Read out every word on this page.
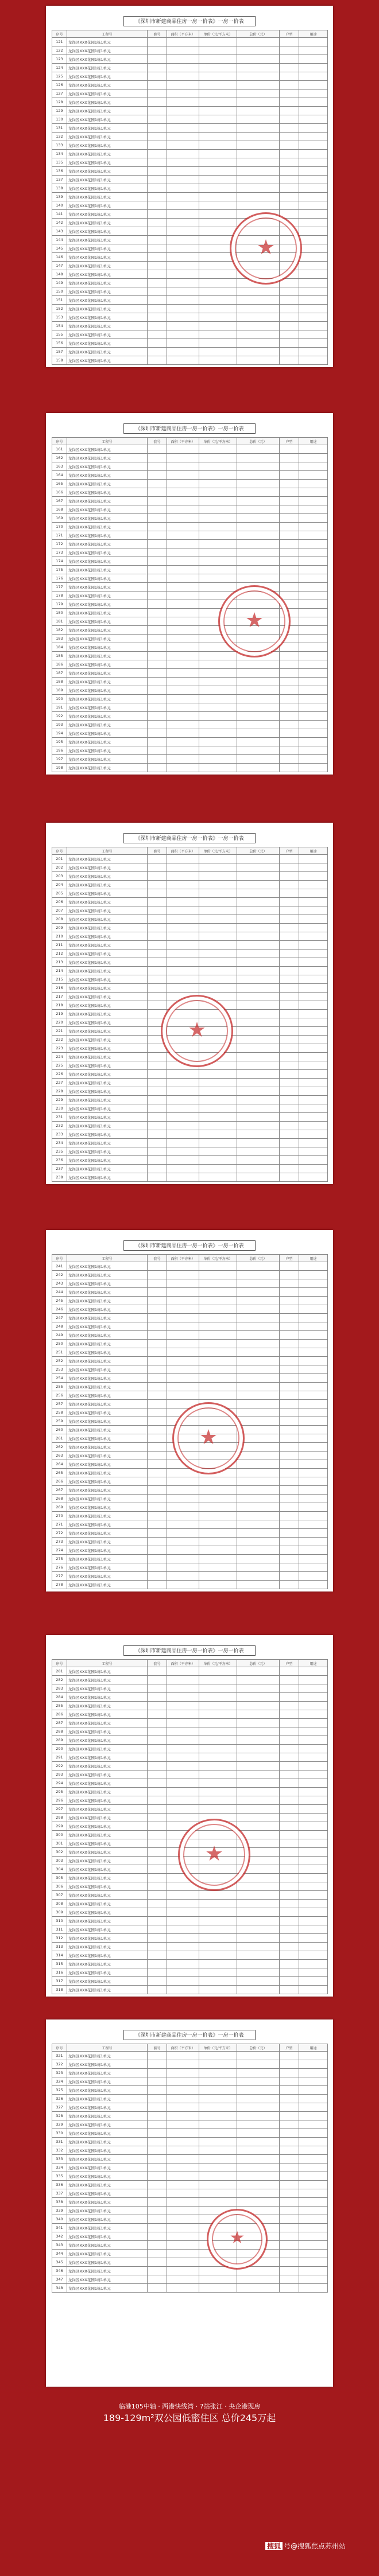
《深圳市新建商品住房一房一价表》一房一价表
序号	工程号	套号	面积（平方米）	单价（元/平方米）	总价（元）	户型	用途
121	龙岗区XXX花园1栋1单元						
122	龙岗区XXX花园1栋1单元						
123	龙岗区XXX花园1栋1单元						
124	龙岗区XXX花园1栋1单元						
125	龙岗区XXX花园1栋1单元						
126	龙岗区XXX花园1栋1单元						
127	龙岗区XXX花园1栋1单元						
128	龙岗区XXX花园1栋1单元						
129	龙岗区XXX花园1栋1单元						
130	龙岗区XXX花园1栋1单元						
131	龙岗区XXX花园1栋1单元						
132	龙岗区XXX花园1栋1单元						
133	龙岗区XXX花园1栋1单元						
134	龙岗区XXX花园1栋1单元						
135	龙岗区XXX花园1栋1单元						
136	龙岗区XXX花园1栋1单元						
137	龙岗区XXX花园1栋1单元						
138	龙岗区XXX花园1栋1单元						
139	龙岗区XXX花园1栋1单元						
140	龙岗区XXX花园1栋1单元						
141	龙岗区XXX花园1栋1单元						
142	龙岗区XXX花园1栋1单元						
143	龙岗区XXX花园1栋1单元						
144	龙岗区XXX花园1栋1单元						
145	龙岗区XXX花园1栋1单元						
146	龙岗区XXX花园1栋1单元						
147	龙岗区XXX花园1栋1单元						
148	龙岗区XXX花园1栋1单元						
149	龙岗区XXX花园1栋1单元						
150	龙岗区XXX花园1栋1单元						
151	龙岗区XXX花园1栋1单元						
152	龙岗区XXX花园1栋1单元						
153	龙岗区XXX花园1栋1单元						
154	龙岗区XXX花园1栋1单元						
155	龙岗区XXX花园1栋1单元						
156	龙岗区XXX花园1栋1单元						
157	龙岗区XXX花园1栋1单元						
158	龙岗区XXX花园1栋1单元						
★
《深圳市新建商品住房一房一价表》一房一价表
序号	工程号	套号	面积（平方米）	单价（元/平方米）	总价（元）	户型	用途
161	龙岗区XXX花园1栋1单元						
162	龙岗区XXX花园1栋1单元						
163	龙岗区XXX花园1栋1单元						
164	龙岗区XXX花园1栋1单元						
165	龙岗区XXX花园1栋1单元						
166	龙岗区XXX花园1栋1单元						
167	龙岗区XXX花园1栋1单元						
168	龙岗区XXX花园1栋1单元						
169	龙岗区XXX花园1栋1单元						
170	龙岗区XXX花园1栋1单元						
171	龙岗区XXX花园1栋1单元						
172	龙岗区XXX花园1栋1单元						
173	龙岗区XXX花园1栋1单元						
174	龙岗区XXX花园1栋1单元						
175	龙岗区XXX花园1栋1单元						
176	龙岗区XXX花园1栋1单元						
177	龙岗区XXX花园1栋1单元						
178	龙岗区XXX花园1栋1单元						
179	龙岗区XXX花园1栋1单元						
180	龙岗区XXX花园1栋1单元						
181	龙岗区XXX花园1栋1单元						
182	龙岗区XXX花园1栋1单元						
183	龙岗区XXX花园1栋1单元						
184	龙岗区XXX花园1栋1单元						
185	龙岗区XXX花园1栋1单元						
186	龙岗区XXX花园1栋1单元						
187	龙岗区XXX花园1栋1单元						
188	龙岗区XXX花园1栋1单元						
189	龙岗区XXX花园1栋1单元						
190	龙岗区XXX花园1栋1单元						
191	龙岗区XXX花园1栋1单元						
192	龙岗区XXX花园1栋1单元						
193	龙岗区XXX花园1栋1单元						
194	龙岗区XXX花园1栋1单元						
195	龙岗区XXX花园1栋1单元						
196	龙岗区XXX花园1栋1单元						
197	龙岗区XXX花园1栋1单元						
198	龙岗区XXX花园1栋1单元						
★
《深圳市新建商品住房一房一价表》一房一价表
序号	工程号	套号	面积（平方米）	单价（元/平方米）	总价（元）	户型	用途
201	龙岗区XXX花园1栋1单元						
202	龙岗区XXX花园1栋1单元						
203	龙岗区XXX花园1栋1单元						
204	龙岗区XXX花园1栋1单元						
205	龙岗区XXX花园1栋1单元						
206	龙岗区XXX花园1栋1单元						
207	龙岗区XXX花园1栋1单元						
208	龙岗区XXX花园1栋1单元						
209	龙岗区XXX花园1栋1单元						
210	龙岗区XXX花园1栋1单元						
211	龙岗区XXX花园1栋1单元						
212	龙岗区XXX花园1栋1单元						
213	龙岗区XXX花园1栋1单元						
214	龙岗区XXX花园1栋1单元						
215	龙岗区XXX花园1栋1单元						
216	龙岗区XXX花园1栋1单元						
217	龙岗区XXX花园1栋1单元						
218	龙岗区XXX花园1栋1单元						
219	龙岗区XXX花园1栋1单元						
220	龙岗区XXX花园1栋1单元						
221	龙岗区XXX花园1栋1单元						
222	龙岗区XXX花园1栋1单元						
223	龙岗区XXX花园1栋1单元						
224	龙岗区XXX花园1栋1单元						
225	龙岗区XXX花园1栋1单元						
226	龙岗区XXX花园1栋1单元						
227	龙岗区XXX花园1栋1单元						
228	龙岗区XXX花园1栋1单元						
229	龙岗区XXX花园1栋1单元						
230	龙岗区XXX花园1栋1单元						
231	龙岗区XXX花园1栋1单元						
232	龙岗区XXX花园1栋1单元						
233	龙岗区XXX花园1栋1单元						
234	龙岗区XXX花园1栋1单元						
235	龙岗区XXX花园1栋1单元						
236	龙岗区XXX花园1栋1单元						
237	龙岗区XXX花园1栋1单元						
238	龙岗区XXX花园1栋1单元						
★
《深圳市新建商品住房一房一价表》一房一价表
序号	工程号	套号	面积（平方米）	单价（元/平方米）	总价（元）	户型	用途
241	龙岗区XXX花园1栋1单元						
242	龙岗区XXX花园1栋1单元						
243	龙岗区XXX花园1栋1单元						
244	龙岗区XXX花园1栋1单元						
245	龙岗区XXX花园1栋1单元						
246	龙岗区XXX花园1栋1单元						
247	龙岗区XXX花园1栋1单元						
248	龙岗区XXX花园1栋1单元						
249	龙岗区XXX花园1栋1单元						
250	龙岗区XXX花园1栋1单元						
251	龙岗区XXX花园1栋1单元						
252	龙岗区XXX花园1栋1单元						
253	龙岗区XXX花园1栋1单元						
254	龙岗区XXX花园1栋1单元						
255	龙岗区XXX花园1栋1单元						
256	龙岗区XXX花园1栋1单元						
257	龙岗区XXX花园1栋1单元						
258	龙岗区XXX花园1栋1单元						
259	龙岗区XXX花园1栋1单元						
260	龙岗区XXX花园1栋1单元						
261	龙岗区XXX花园1栋1单元						
262	龙岗区XXX花园1栋1单元						
263	龙岗区XXX花园1栋1单元						
264	龙岗区XXX花园1栋1单元						
265	龙岗区XXX花园1栋1单元						
266	龙岗区XXX花园1栋1单元						
267	龙岗区XXX花园1栋1单元						
268	龙岗区XXX花园1栋1单元						
269	龙岗区XXX花园1栋1单元						
270	龙岗区XXX花园1栋1单元						
271	龙岗区XXX花园1栋1单元						
272	龙岗区XXX花园1栋1单元						
273	龙岗区XXX花园1栋1单元						
274	龙岗区XXX花园1栋1单元						
275	龙岗区XXX花园1栋1单元						
276	龙岗区XXX花园1栋1单元						
277	龙岗区XXX花园1栋1单元						
278	龙岗区XXX花园1栋1单元						
★
《深圳市新建商品住房一房一价表》一房一价表
序号	工程号	套号	面积（平方米）	单价（元/平方米）	总价（元）	户型	用途
281	龙岗区XXX花园1栋1单元						
282	龙岗区XXX花园1栋1单元						
283	龙岗区XXX花园1栋1单元						
284	龙岗区XXX花园1栋1单元						
285	龙岗区XXX花园1栋1单元						
286	龙岗区XXX花园1栋1单元						
287	龙岗区XXX花园1栋1单元						
288	龙岗区XXX花园1栋1单元						
289	龙岗区XXX花园1栋1单元						
290	龙岗区XXX花园1栋1单元						
291	龙岗区XXX花园1栋1单元						
292	龙岗区XXX花园1栋1单元						
293	龙岗区XXX花园1栋1单元						
294	龙岗区XXX花园1栋1单元						
295	龙岗区XXX花园1栋1单元						
296	龙岗区XXX花园1栋1单元						
297	龙岗区XXX花园1栋1单元						
298	龙岗区XXX花园1栋1单元						
299	龙岗区XXX花园1栋1单元						
300	龙岗区XXX花园1栋1单元						
301	龙岗区XXX花园1栋1单元						
302	龙岗区XXX花园1栋1单元						
303	龙岗区XXX花园1栋1单元						
304	龙岗区XXX花园1栋1单元						
305	龙岗区XXX花园1栋1单元						
306	龙岗区XXX花园1栋1单元						
307	龙岗区XXX花园1栋1单元						
308	龙岗区XXX花园1栋1单元						
309	龙岗区XXX花园1栋1单元						
310	龙岗区XXX花园1栋1单元						
311	龙岗区XXX花园1栋1单元						
312	龙岗区XXX花园1栋1单元						
313	龙岗区XXX花园1栋1单元						
314	龙岗区XXX花园1栋1单元						
315	龙岗区XXX花园1栋1单元						
316	龙岗区XXX花园1栋1单元						
317	龙岗区XXX花园1栋1单元						
318	龙岗区XXX花园1栋1单元						
★
《深圳市新建商品住房一房一价表》一房一价表
序号	工程号	套号	面积（平方米）	单价（元/平方米）	总价（元）	户型	用途
321	龙岗区XXX花园1栋1单元						
322	龙岗区XXX花园1栋1单元						
323	龙岗区XXX花园1栋1单元						
324	龙岗区XXX花园1栋1单元						
325	龙岗区XXX花园1栋1单元						
326	龙岗区XXX花园1栋1单元						
327	龙岗区XXX花园1栋1单元						
328	龙岗区XXX花园1栋1单元						
329	龙岗区XXX花园1栋1单元						
330	龙岗区XXX花园1栋1单元						
331	龙岗区XXX花园1栋1单元						
332	龙岗区XXX花园1栋1单元						
333	龙岗区XXX花园1栋1单元						
334	龙岗区XXX花园1栋1单元						
335	龙岗区XXX花园1栋1单元						
336	龙岗区XXX花园1栋1单元						
337	龙岗区XXX花园1栋1单元						
338	龙岗区XXX花园1栋1单元						
339	龙岗区XXX花园1栋1单元						
340	龙岗区XXX花园1栋1单元						
341	龙岗区XXX花园1栋1单元						
342	龙岗区XXX花园1栋1单元						
343	龙岗区XXX花园1栋1单元						
344	龙岗区XXX花园1栋1单元						
345	龙岗区XXX花园1栋1单元						
346	龙岗区XXX花园1栋1单元						
347	龙岗区XXX花园1栋1单元						
348	龙岗区XXX花园1栋1单元						
★
临港105中轴 · 两港快线湾 · 7站张江 · 央企港现房
189-129m²双公园低密住区 总价245万起
搜狐 号@搜狐焦点苏州站
